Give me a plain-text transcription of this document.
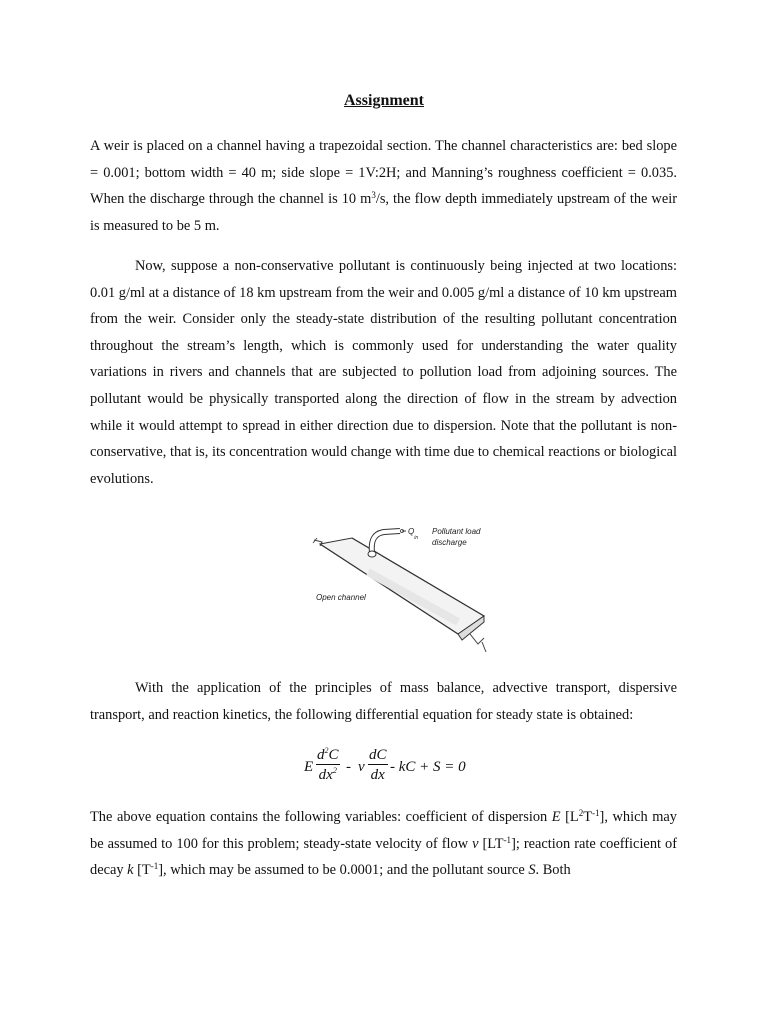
Assignment

A weir is placed on a channel having a trapezoidal section. The channel characteristics are: bed slope = 0.001; bottom width = 40 m; side slope = 1V:2H; and Manning’s roughness coefficient = 0.035. When the discharge through the channel is 10 $m^3/s$, the flow depth immediately upstream of the weir is measured to be 5 m.

Now, suppose a non-conservative pollutant is continuously being injected at two locations: 0.01 g/ml at a distance of 18 km upstream from the weir and 0.005 g/ml a distance of 10 km upstream from the weir. Consider only the steady-state distribution of the resulting pollutant concentration throughout the stream’s length, which is commonly used for understanding the water quality variations in rivers and channels that are subjected to pollution load from adjoining sources. The pollutant would be physically transported along the direction of flow in the stream by advection while it would attempt to spread in either direction due to dispersion. Note that the pollutant is non-conservative, that is, its concentration would change with time due to chemical reactions or biological evolutions.

$Q_{in}$
Pollutant load
discharge
Open channel

With the application of the principles of mass balance, advective transport, dispersive transport, and reaction kinetics, the following differential equation for steady state is obtained:

E $\frac{d^2C}{dx^2}$ - v $\frac{dC}{dx}$ - kC + S = 0

The above equation contains the following variables: coefficient of dispersion E $[L^2T^{-1}]$, which may be assumed to 100 for this problem; steady-state velocity of flow v $[LT^{-1}]$; reaction rate coefficient of decay k $[T^{-1}]$, which may be assumed to be 0.0001; and the pollutant source S. Both
